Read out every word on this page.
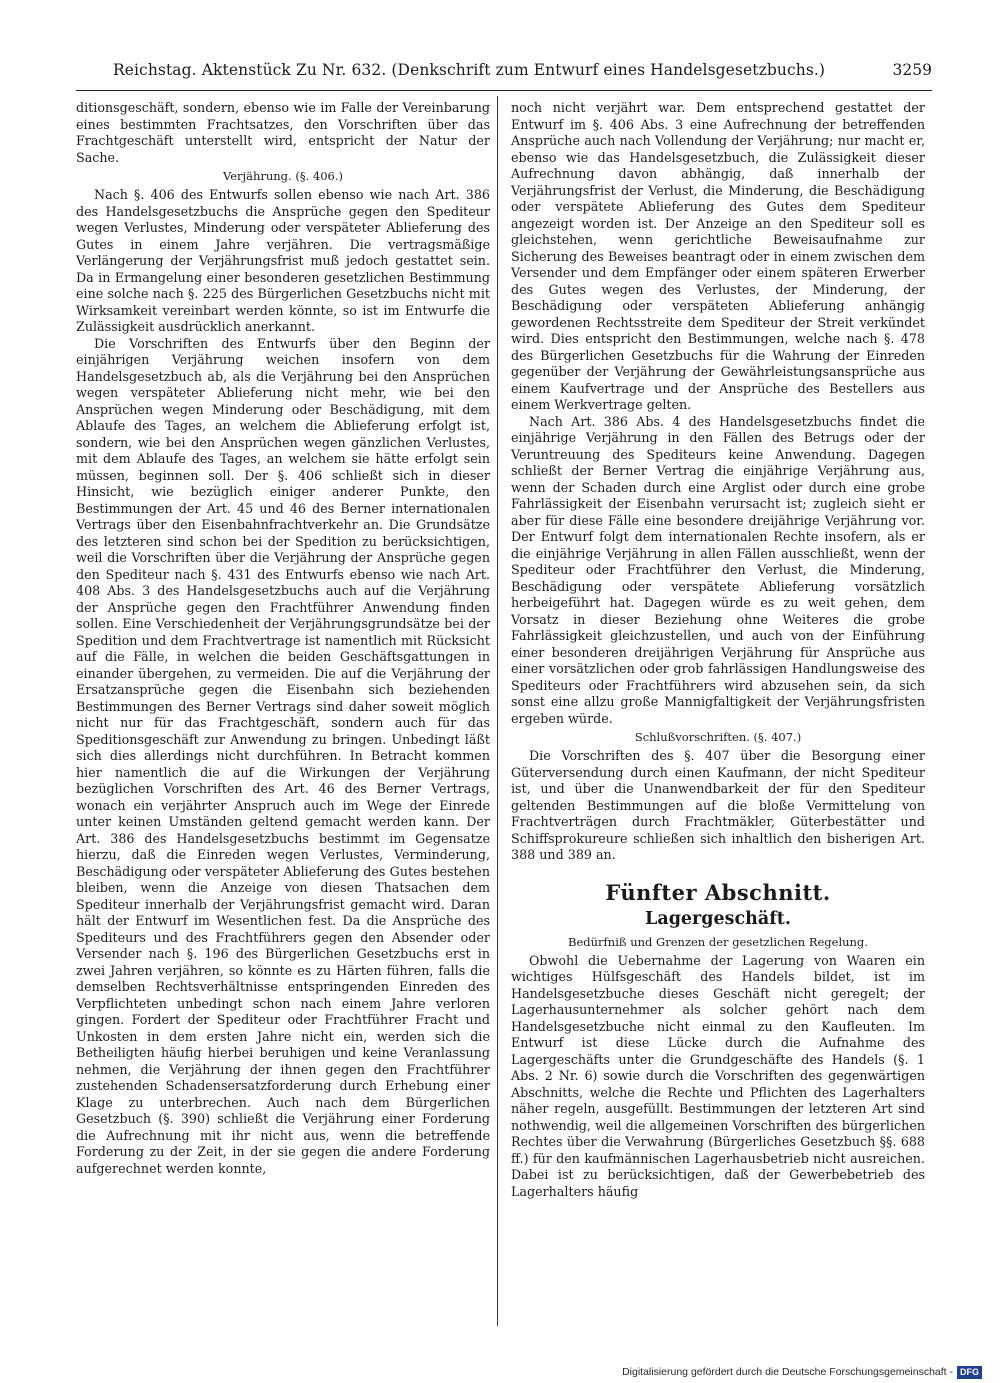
Reichstag. Aktenstück Zu Nr. 632. (Denkschrift zum Entwurf eines Handelsgesetzbuchs.)	3259

ditionsgeschäft, sondern, ebenso wie im Falle der Vereinbarung eines bestimmten Frachtsatzes, den Vorschriften über das Frachtgeschäft unterstellt wird, entspricht der Natur der Sache.

Verjährung. (§. 406.)

Nach §. 406 des Entwurfs sollen ebenso wie nach Art. 386 des Handelsgesetzbuchs die Ansprüche gegen den Spediteur wegen Verlustes, Minderung oder verspäteter Ablieferung des Gutes in einem Jahre verjähren. Die vertragsmäßige Verlängerung der Verjährungsfrist muß jedoch gestattet sein. Da in Ermangelung einer besonderen gesetzlichen Bestimmung eine solche nach §. 225 des Bürgerlichen Gesetzbuchs nicht mit Wirksamkeit vereinbart werden könnte, so ist im Entwurfe die Zulässigkeit ausdrücklich anerkannt.

Die Vorschriften des Entwurfs über den Beginn der einjährigen Verjährung weichen insofern von dem Handelsgesetzbuch ab, als die Verjährung bei den Ansprüchen wegen verspäteter Ablieferung nicht mehr, wie bei den Ansprüchen wegen Minderung oder Beschädigung, mit dem Ablaufe des Tages, an welchem die Ablieferung erfolgt ist, sondern, wie bei den Ansprüchen wegen gänzlichen Verlustes, mit dem Ablaufe des Tages, an welchem sie hätte erfolgt sein müssen, beginnen soll. Der §. 406 schließt sich in dieser Hinsicht, wie bezüglich einiger anderer Punkte, den Bestimmungen der Art. 45 und 46 des Berner internationalen Vertrags über den Eisenbahnfrachtverkehr an. Die Grundsätze des letzteren sind schon bei der Spedition zu berücksichtigen, weil die Vorschriften über die Verjährung der Ansprüche gegen den Spediteur nach §. 431 des Entwurfs ebenso wie nach Art. 408 Abs. 3 des Handelsgesetzbuchs auch auf die Verjährung der Ansprüche gegen den Frachtführer Anwendung finden sollen. Eine Verschiedenheit der Verjährungsgrundsätze bei der Spedition und dem Frachtvertrage ist namentlich mit Rücksicht auf die Fälle, in welchen die beiden Geschäftsgattungen in einander übergehen, zu vermeiden. Die auf die Verjährung der Ersatzansprüche gegen die Eisenbahn sich beziehenden Bestimmungen des Berner Vertrags sind daher soweit möglich nicht nur für das Frachtgeschäft, sondern auch für das Speditionsgeschäft zur Anwendung zu bringen. Unbedingt läßt sich dies allerdings nicht durchführen. In Betracht kommen hier namentlich die auf die Wirkungen der Verjährung bezüglichen Vorschriften des Art. 46 des Berner Vertrags, wonach ein verjährter Anspruch auch im Wege der Einrede unter keinen Umständen geltend gemacht werden kann. Der Art. 386 des Handelsgesetzbuchs bestimmt im Gegensatze hierzu, daß die Einreden wegen Verlustes, Verminderung, Beschädigung oder verspäteter Ablieferung des Gutes bestehen bleiben, wenn die Anzeige von diesen Thatsachen dem Spediteur innerhalb der Verjährungsfrist gemacht wird. Daran hält der Entwurf im Wesentlichen fest. Da die Ansprüche des Spediteurs und des Frachtführers gegen den Absender oder Versender nach §. 196 des Bürgerlichen Gesetzbuchs erst in zwei Jahren verjähren, so könnte es zu Härten führen, falls die demselben Rechtsverhältnisse entspringenden Einreden des Verpflichteten unbedingt schon nach einem Jahre verloren gingen. Fordert der Spediteur oder Frachtführer Fracht und Unkosten in dem ersten Jahre nicht ein, werden sich die Betheiligten häufig hierbei beruhigen und keine Veranlassung nehmen, die Verjährung der ihnen gegen den Frachtführer zustehenden Schadensersatzforderung durch Erhebung einer Klage zu unterbrechen. Auch nach dem Bürgerlichen Gesetzbuch (§. 390) schließt die Verjährung einer Forderung die Aufrechnung mit ihr nicht aus, wenn die betreffende Forderung zu der Zeit, in der sie gegen die andere Forderung aufgerechnet werden konnte,

noch nicht verjährt war. Dem entsprechend gestattet der Entwurf im §. 406 Abs. 3 eine Aufrechnung der betreffenden Ansprüche auch nach Vollendung der Verjährung; nur macht er, ebenso wie das Handelsgesetzbuch, die Zulässigkeit dieser Aufrechnung davon abhängig, daß innerhalb der Verjährungsfrist der Verlust, die Minderung, die Beschädigung oder verspätete Ablieferung des Gutes dem Spediteur angezeigt worden ist. Der Anzeige an den Spediteur soll es gleichstehen, wenn gerichtliche Beweisaufnahme zur Sicherung des Beweises beantragt oder in einem zwischen dem Versender und dem Empfänger oder einem späteren Erwerber des Gutes wegen des Verlustes, der Minderung, der Beschädigung oder verspäteten Ablieferung anhängig gewordenen Rechtsstreite dem Spediteur der Streit verkündet wird. Dies entspricht den Bestimmungen, welche nach §. 478 des Bürgerlichen Gesetzbuchs für die Wahrung der Einreden gegenüber der Verjährung der Gewährleistungsansprüche aus einem Kaufvertrage und der Ansprüche des Bestellers aus einem Werkvertrage gelten.

Nach Art. 386 Abs. 4 des Handelsgesetzbuchs findet die einjährige Verjährung in den Fällen des Betrugs oder der Veruntreuung des Spediteurs keine Anwendung. Dagegen schließt der Berner Vertrag die einjährige Verjährung aus, wenn der Schaden durch eine Arglist oder durch eine grobe Fahrlässigkeit der Eisenbahn verursacht ist; zugleich sieht er aber für diese Fälle eine besondere dreijährige Verjährung vor. Der Entwurf folgt dem internationalen Rechte insofern, als er die einjährige Verjährung in allen Fällen ausschließt, wenn der Spediteur oder Frachtführer den Verlust, die Minderung, Beschädigung oder verspätete Ablieferung vorsätzlich herbeigeführt hat. Dagegen würde es zu weit gehen, dem Vorsatz in dieser Beziehung ohne Weiteres die grobe Fahrlässigkeit gleichzustellen, und auch von der Einführung einer besonderen dreijährigen Verjährung für Ansprüche aus einer vorsätzlichen oder grob fahrlässigen Handlungsweise des Spediteurs oder Frachtführers wird abzusehen sein, da sich sonst eine allzu große Mannigfaltigkeit der Verjährungsfristen ergeben würde.

Schlußvorschriften. (§. 407.)

Die Vorschriften des §. 407 über die Besorgung einer Güterversendung durch einen Kaufmann, der nicht Spediteur ist, und über die Unanwendbarkeit der für den Spediteur geltenden Bestimmungen auf die bloße Vermittelung von Frachtverträgen durch Frachtmäkler, Güterbestätter und Schiffsprokureure schließen sich inhaltlich den bisherigen Art. 388 und 389 an.

Fünfter Abschnitt.
Lagergeschäft.
Bedürfniß und Grenzen der gesetzlichen Regelung.

Obwohl die Uebernahme der Lagerung von Waaren ein wichtiges Hülfsgeschäft des Handels bildet, ist im Handelsgesetzbuche dieses Geschäft nicht geregelt; der Lagerhausunternehmer als solcher gehört nach dem Handelsgesetzbuche nicht einmal zu den Kaufleuten. Im Entwurf ist diese Lücke durch die Aufnahme des Lagergeschäfts unter die Grundgeschäfte des Handels (§. 1 Abs. 2 Nr. 6) sowie durch die Vorschriften des gegenwärtigen Abschnitts, welche die Rechte und Pflichten des Lagerhalters näher regeln, ausgefüllt. Bestimmungen der letzteren Art sind nothwendig, weil die allgemeinen Vorschriften des bürgerlichen Rechtes über die Verwahrung (Bürgerliches Gesetzbuch §§. 688 ff.) für den kaufmännischen Lagerhausbetrieb nicht ausreichen. Dabei ist zu berücksichtigen, daß der Gewerbebetrieb des Lagerhalters häufig

Digitalisierung gefördert durch die Deutsche Forschungsgemeinschaft - DFG
